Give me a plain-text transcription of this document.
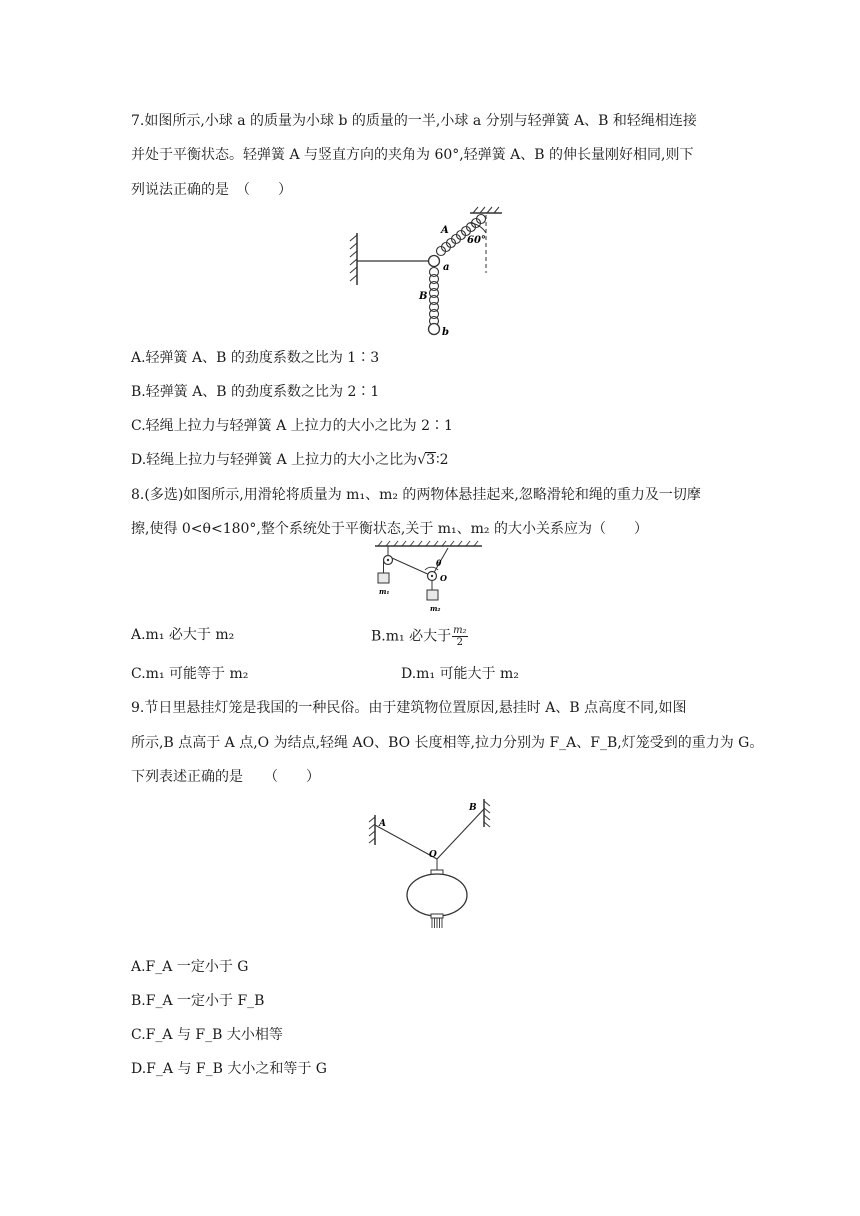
7.如图所示,小球 a 的质量为小球 b 的质量的一半,小球 a 分别与轻弹簧 A、B 和轻绳相连接
并处于平衡状态。轻弹簧 A 与竖直方向的夹角为 60°,轻弹簧 A、B 的伸长量刚好相同,则下
列说法正确的是　（　　）
60°
A
a
B
b
A.轻弹簧 A、B 的劲度系数之比为 1∶3
B.轻弹簧 A、B 的劲度系数之比为 2∶1
C.轻绳上拉力与轻弹簧 A 上拉力的大小之比为 2∶1
D.轻绳上拉力与轻弹簧 A 上拉力的大小之比为√3∶2
8.(多选)如图所示,用滑轮将质量为 m₁、m₂ 的两物体悬挂起来,忽略滑轮和绳的重力及一切摩
擦,使得 0<θ<180°,整个系统处于平衡状态,关于 m₁、m₂ 的大小关系应为（　　）
m₁
θ
O
m₂
A.m₁ 必大于 m₂	B.m₁ 必大于 $\frac{\text{m₂}}{2}$
C.m₁ 可能等于 m₂	D.m₁ 可能大于 m₂
9.节日里悬挂灯笼是我国的一种民俗。由于建筑物位置原因,悬挂时 A、B 点高度不同,如图
所示,B 点高于 A 点,O 为结点,轻绳 AO、BO 长度相等,拉力分别为 F_A、F_B,灯笼受到的重力为 G。
下列表述正确的是　　（　　）
A
B
O
A.F_A 一定小于 G
B.F_A 一定小于 F_B
C.F_A 与 F_B 大小相等
D.F_A 与 F_B 大小之和等于 G
